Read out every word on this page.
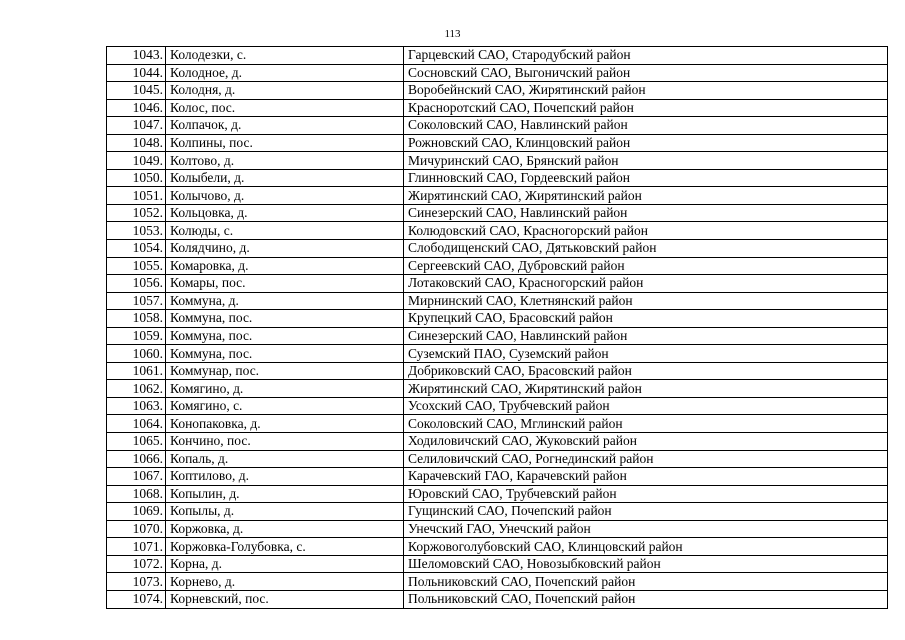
113
1043.	Колодезки, с.	Гарцевский САО, Стародубский район
1044.	Колодное, д.	Сосновский САО, Выгоничский район
1045.	Колодня, д.	Воробейнский САО, Жирятинский район
1046.	Колос, пос.	Красноротский САО, Почепский район
1047.	Колпачок, д.	Соколовский САО, Навлинский район
1048.	Колпины, пос.	Рожновский САО, Клинцовский район
1049.	Колтово, д.	Мичуринский САО, Брянский район
1050.	Колыбели, д.	Глинновский САО, Гордеевский район
1051.	Колычово, д.	Жирятинский САО, Жирятинский район
1052.	Кольцовка, д.	Синезерский САО, Навлинский район
1053.	Колюды, с.	Колюдовский САО, Красногорский район
1054.	Колядчино, д.	Слободищенский САО, Дятьковский район
1055.	Комаровка, д.	Сергеевский САО, Дубровский район
1056.	Комары, пос.	Лотаковский САО, Красногорский район
1057.	Коммуна, д.	Мирнинский САО, Клетнянский район
1058.	Коммуна, пос.	Крупецкий САО, Брасовский район
1059.	Коммуна, пос.	Синезерский САО, Навлинский район
1060.	Коммуна, пос.	Суземский ПАО, Суземский район
1061.	Коммунар, пос.	Добриковский САО, Брасовский район
1062.	Комягино, д.	Жирятинский САО, Жирятинский район
1063.	Комягино, с.	Усохский САО, Трубчевский район
1064.	Конопаковка, д.	Соколовский САО, Мглинский район
1065.	Кончино, пос.	Ходиловичский САО, Жуковский район
1066.	Копаль, д.	Селиловичский САО, Рогнединский район
1067.	Коптилово, д.	Карачевский ГАО, Карачевский район
1068.	Копылин, д.	Юровский САО, Трубчевский район
1069.	Копылы, д.	Гущинский САО, Почепский район
1070.	Коржовка, д.	Унечский ГАО, Унечский район
1071.	Коржовка-Голубовка, с.	Коржовоголубовский САО, Клинцовский район
1072.	Корна, д.	Шеломовский САО, Новозыбковский район
1073.	Корнево, д.	Польниковский САО, Почепский район
1074.	Корневский, пос.	Польниковский САО, Почепский район
